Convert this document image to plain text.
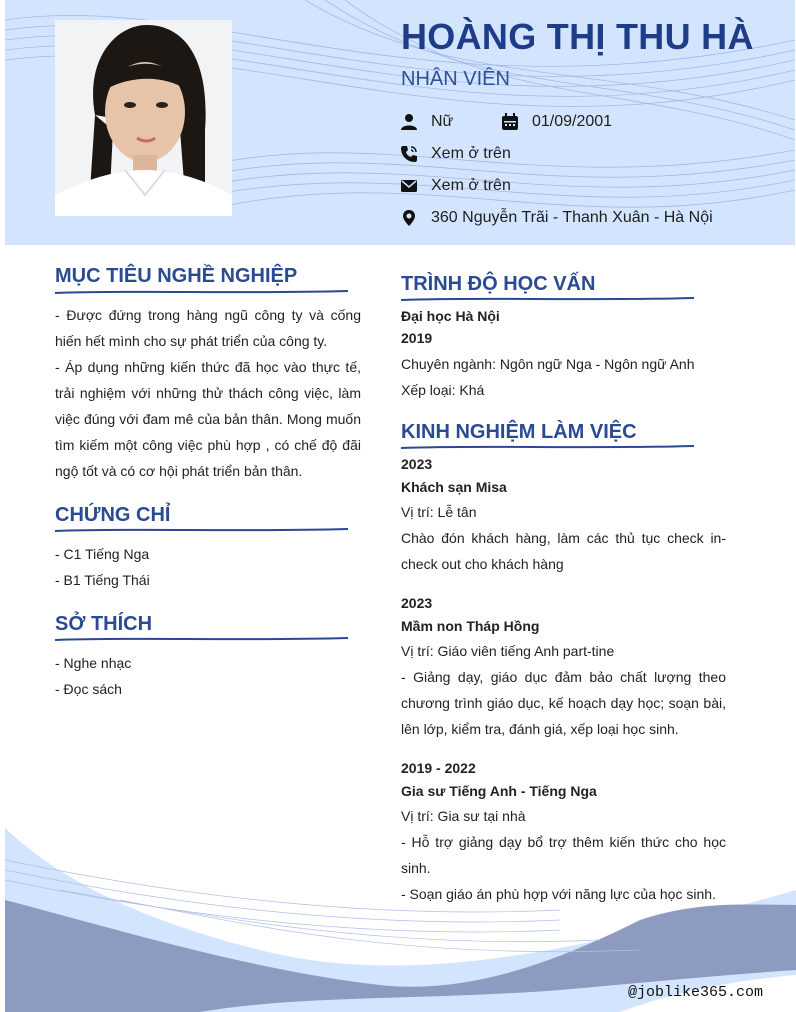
HOÀNG THỊ THU HÀ
NHÂN VIÊN
Nữ	01/09/2001
Xem ở trên
Xem ở trên
360 Nguyễn Trãi - Thanh Xuân - Hà Nội
MỤC TIÊU NGHỀ NGHIỆP
- Được đứng trong hàng ngũ công ty và cống hiến hết mình cho sự phát triển của công ty.
- Áp dụng những kiến thức đã học vào thực tế, trải nghiệm với những thử thách công việc, làm việc đúng với đam mê của bản thân. Mong muốn tìm kiếm một công việc phù hợp , có chế độ đãi ngộ tốt và có cơ hội phát triển bản thân.
CHỨNG CHỈ
- C1 Tiếng Nga
- B1 Tiếng Thái
SỞ THÍCH
- Nghe nhạc
- Đọc sách
TRÌNH ĐỘ HỌC VẤN
Đại học Hà Nội
2019
Chuyên ngành: Ngôn ngữ Nga - Ngôn ngữ Anh
Xếp loại: Khá
KINH NGHIỆM LÀM VIỆC
2023
Khách sạn Misa
Vị trí: Lễ tân
Chào đón khách hàng, làm các thủ tục check in-check out cho khách hàng
2023
Mầm non Tháp Hồng
Vị trí: Giáo viên tiếng Anh part-tine
- Giảng dạy, giáo dục đảm bảo chất lượng theo chương trình giáo dục, kế hoạch dạy học; soạn bài, lên lớp, kiểm tra, đánh giá, xếp loại học sinh.
2019 - 2022
Gia sư Tiếng Anh - Tiếng Nga
Vị trí: Gia sư tại nhà
- Hỗ trợ giảng dạy bổ trợ thêm kiến thức cho học sinh.
- Soạn giáo án phù hợp với năng lực của học sinh.
@joblike365.com
